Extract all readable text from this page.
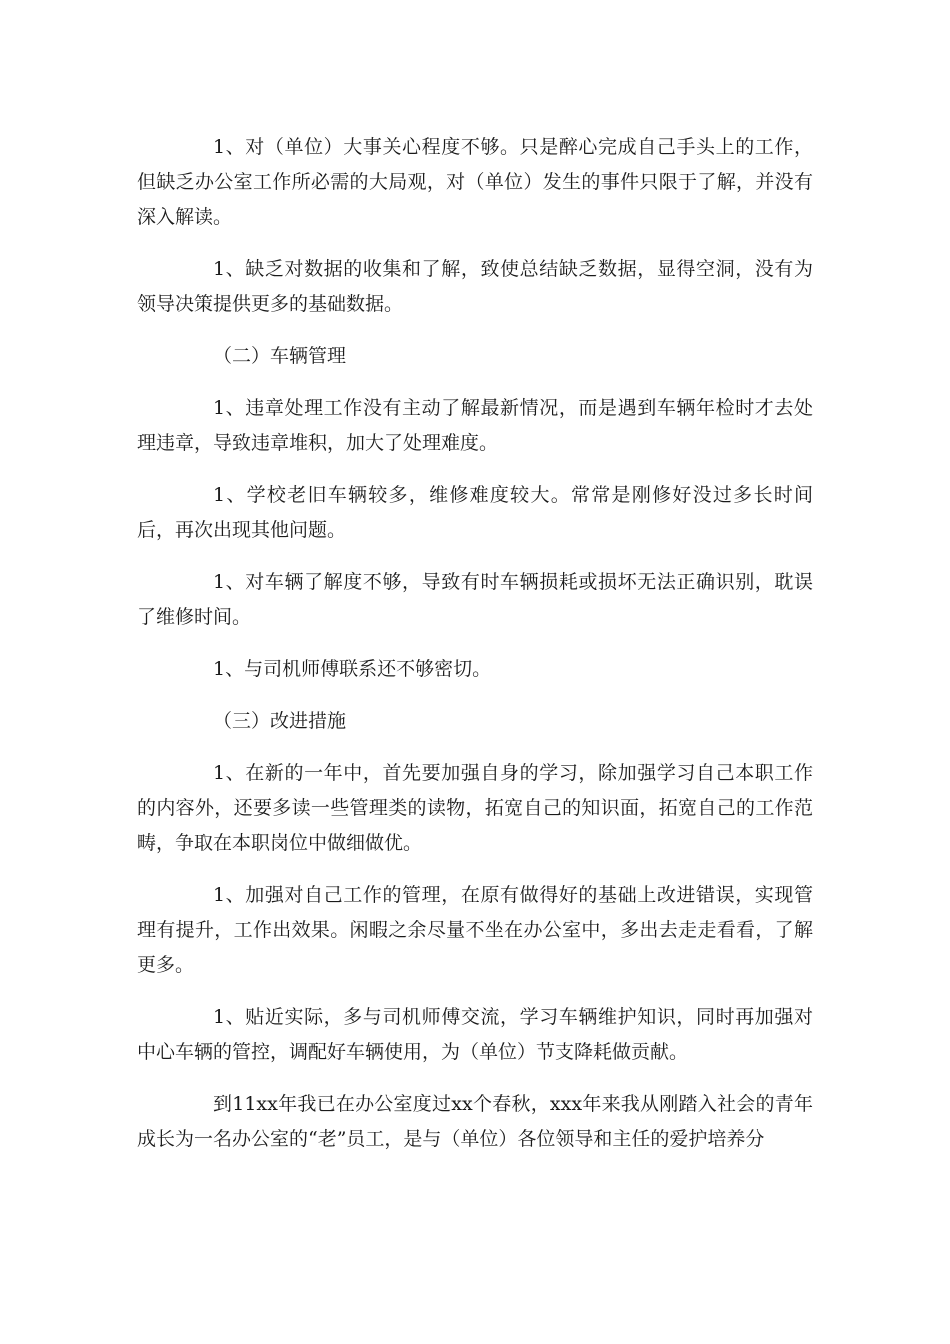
1、对（单位）大事关心程度不够。只是醉心完成自己手头上的工作，但缺乏办公室工作所必需的大局观，对（单位）发生的事件只限于了解，并没有深入解读。

1、缺乏对数据的收集和了解，致使总结缺乏数据，显得空洞，没有为领导决策提供更多的基础数据。

（二）车辆管理

1、违章处理工作没有主动了解最新情况，而是遇到车辆年检时才去处理违章，导致违章堆积，加大了处理难度。

1、学校老旧车辆较多，维修难度较大。常常是刚修好没过多长时间后，再次出现其他问题。

1、对车辆了解度不够，导致有时车辆损耗或损坏无法正确识别，耽误了维修时间。

1、与司机师傅联系还不够密切。

（三）改进措施

1、在新的一年中，首先要加强自身的学习，除加强学习自己本职工作的内容外，还要多读一些管理类的读物，拓宽自己的知识面，拓宽自己的工作范畴，争取在本职岗位中做细做优。

1、加强对自己工作的管理，在原有做得好的基础上改进错误，实现管理有提升，工作出效果。闲暇之余尽量不坐在办公室中，多出去走走看看，了解更多。

1、贴近实际，多与司机师傅交流，学习车辆维护知识，同时再加强对中心车辆的管控，调配好车辆使用，为（单位）节支降耗做贡献。

到11xx年我已在办公室度过xx个春秋，xxx年来我从刚踏入社会的青年成长为一名办公室的“老”员工，是与（单位）各位领导和主任的爱护培养分
